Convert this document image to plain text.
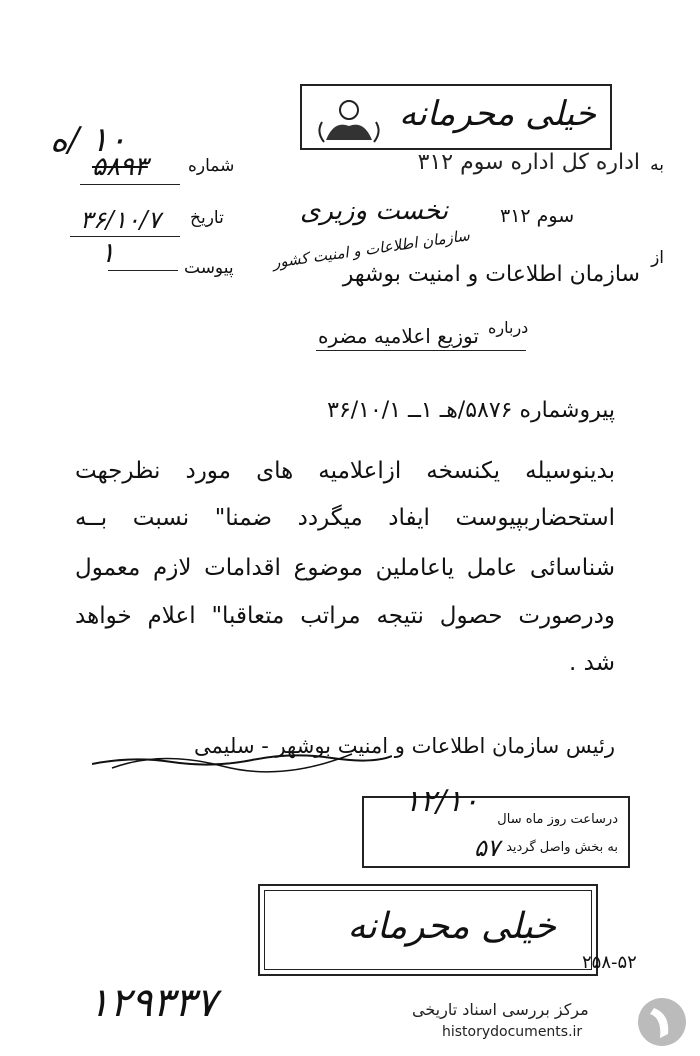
خیلی محرمانه
شماره
۵۸۹۳
۱۰ /ه
تاریخ
۳۶/۱۰/۷
پیوست
۱
به
اداره کل اداره سوم ۳۱۲
نخست وزیری	سوم ۳۱۲
از
سازمان اطلاعات و امنیت کشور
سازمان اطلاعات و امنیت بوشهر
درباره
توزیع اعلامیه مضره
پیروشماره ۵۸۷۶/هـ ۱ــ ۳۶/۱۰/۱
بدینوسیله یکنسخه ازاعلامیه های مورد نظرجهت
استحضاربپیوست ایفاد میگردد ضمنا" نسبت بــه
شناسائی عامل یاعاملین موضوع اقدامات لازم معمول
ودرصورت حصول نتیجه مراتب متعاقبا" اعلام خواهد
شد .
رئیس سازمان اطلاعات و امنیت بوشهر - سلیمی
درساعت روز ماه سال
به بخش واصل گردید
۱۲/۱۰
۵۷
خیلی محرمانه
۲۵۸-۵۲
۱۲۹۳۳۷	مرکز بررسی اسناد تاریخی
historydocuments.ir
